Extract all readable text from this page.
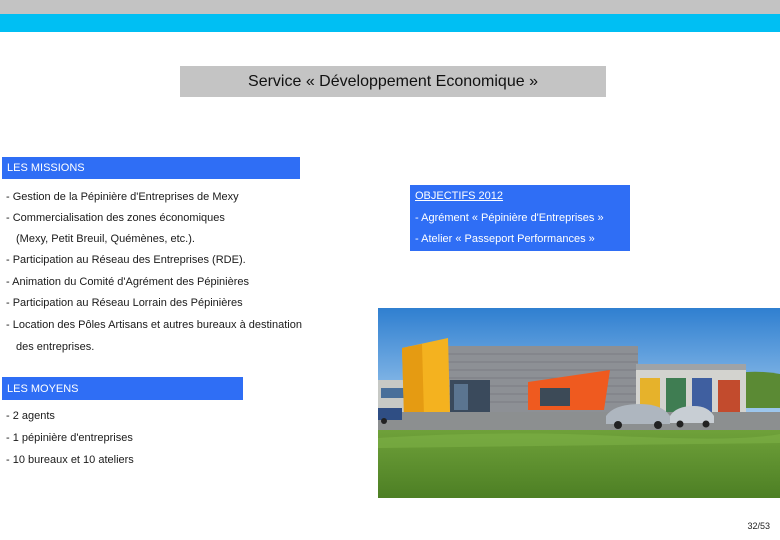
Service « Développement Economique »
LES MISSIONS
- Gestion de la Pépinière d'Entreprises de Mexy
- Commercialisation des zones économiques
(Mexy, Petit Breuil, Quémènes, etc.).
- Participation au Réseau des Entreprises (RDE).
- Animation du Comité d'Agrément des Pépinières
- Participation au Réseau Lorrain des Pépinières
- Location des Pôles Artisans et autres bureaux à destination
des entreprises.
OBJECTIFS 2012
- Agrément « Pépinière d'Entreprises »
- Atelier « Passeport Performances »
LES MOYENS
- 2 agents
- 1 pépinière d'entreprises
- 10 bureaux et 10 ateliers
32/53
